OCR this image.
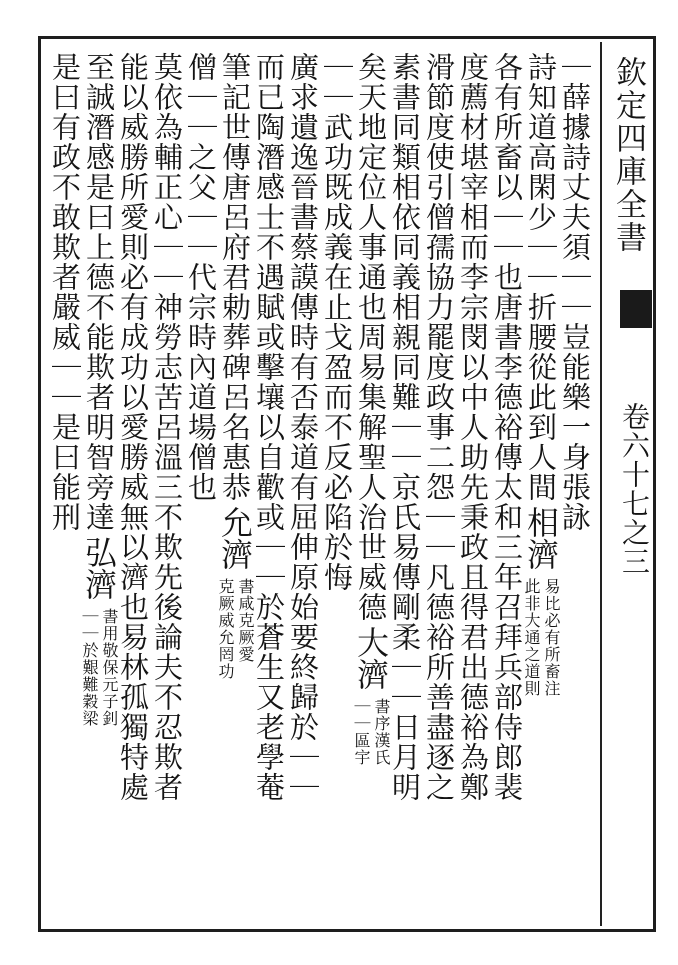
欽定四庫全書
卷六十七之三
｜薛據詩丈夫須｜｜豈能樂一身張詠
詩知道高閑少｜｜折腰從此到人間
相濟
易比必有所畜注
此非大通之道則
各有所畜以｜｜也唐書李德裕傳太和三年召拜兵部侍郎裴
度薦材堪宰相而李宗閔以中人助先秉政且得君出德裕為鄭
滑節度使引僧孺協力罷度政事二怨｜｜凡德裕所善盡逐之
素書同類相依同義相親同難｜｜京氏易傳剛柔｜｜日月明
矣天地定位人事通也周易集解聖人治世威德
大濟
書序漢氏
｜｜區宇
｜｜武功既成義在止戈盈而不反必陷於悔
廣求遺逸晉書蔡謨傳時有否泰道有屈伸原始要終歸於｜｜
而已陶潛感士不遇賦或擊壤以自歡或｜｜於蒼生又老學菴
筆記世傳唐呂府君勅葬碑呂名惠恭
允濟
書咸克厥愛
克厥威允罔功
僧｜｜之父｜｜代宗時內道場僧也
莫依為輔正心｜｜神勞志苦呂溫三不欺先後論夫不忍欺者
能以威勝所愛則必有成功以愛勝威無以濟也易林孤獨特處
至誠潛感是曰上德不能欺者明智旁達
弘濟
書用敬保元子釗
｜｜於艱難穀梁
是曰有政不敢欺者嚴威｜｜是曰能刑
